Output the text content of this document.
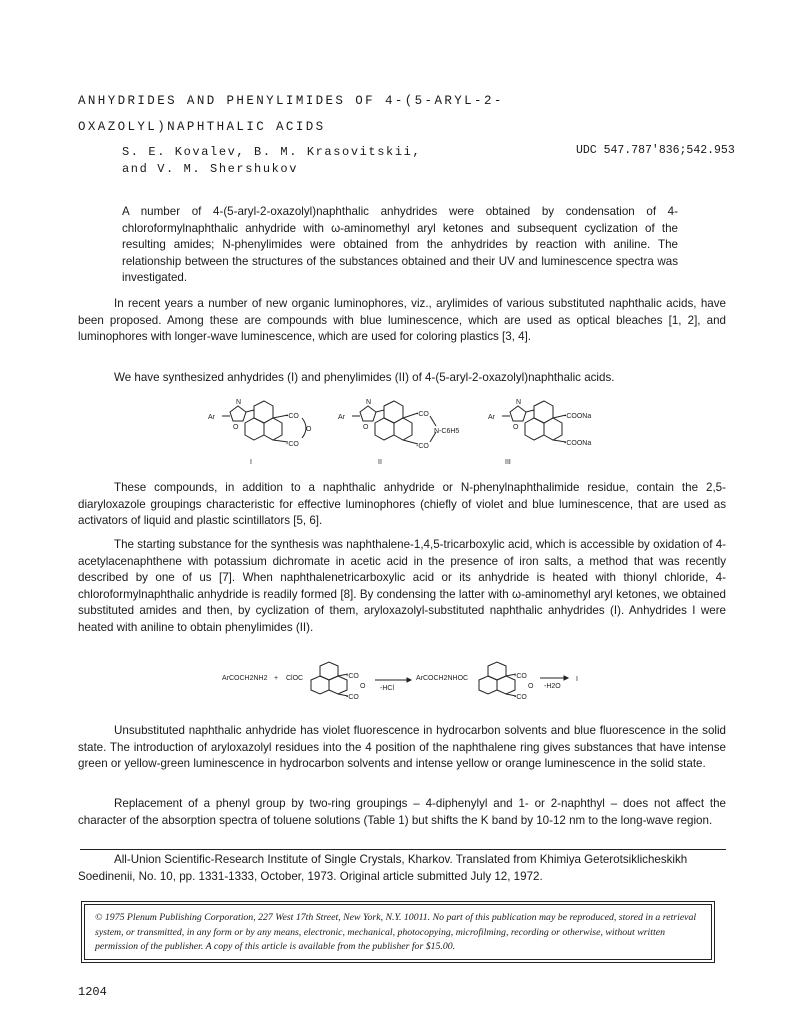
ANHYDRIDES AND PHENYLIMIDES OF 4-(5-ARYL-2-
OXAZOLYL)NAPHTHALIC ACIDS
S. E. Kovalev, B. M. Krasovitskii,
and V. M. Shershukov
UDC 547.787'836;542.953
A number of 4-(5-aryl-2-oxazolyl)naphthalic anhydrides were obtained by condensation of 4-chloroformylnaphthalic anhydride with ω-aminomethyl aryl ketones and subsequent cyclization of the resulting amides; N-phenylimides were obtained from the anhydrides by reaction with aniline. The relationship between the structures of the substances obtained and their UV and luminescence spectra was investigated.
In recent years a number of new organic luminophores, viz., arylimides of various substituted naphthalic acids, have been proposed. Among these are compounds with blue luminescence, which are used as optical bleaches [1, 2], and luminophores with longer-wave luminescence, which are used for coloring plastics [3, 4].
We have synthesized anhydrides (I) and phenylimides (II) of 4-(5-aryl-2-oxazolyl)naphthalic acids.
Ar
N
O
-CO
O
-CO
I
Ar
N
O
-CO
N-C6H5
-CO
II
Ar
N
O
-COONa
-COONa
III
These compounds, in addition to a naphthalic anhydride or N-phenylnaphthalimide residue, contain the 2,5-diaryloxazole groupings characteristic for effective luminophores (chiefly of violet and blue luminescence, that are used as activators of liquid and plastic scintillators [5, 6].
The starting substance for the synthesis was naphthalene-1,4,5-tricarboxylic acid, which is accessible by oxidation of 4-acetylacenaphthene with potassium dichromate in acetic acid in the presence of iron salts, a method that was recently described by one of us [7]. When naphthalenetricarboxylic acid or its anhydride is heated with thionyl chloride, 4-chloroformylnaphthalic anhydride is readily formed [8]. By condensing the latter with ω-aminomethyl aryl ketones, we obtained substituted amides and then, by cyclization of them, aryloxazolyl-substituted naphthalic anhydrides (I). Anhydrides I were heated with aniline to obtain phenylimides (II).
ArCOCH2NH2 + ClOC	-CO
O
-CO
-HCl
ArCOCH2NHOC	-CO
O
-CO
-H2O
I
Unsubstituted naphthalic anhydride has violet fluorescence in hydrocarbon solvents and blue fluorescence in the solid state. The introduction of aryloxazolyl residues into the 4 position of the naphthalene ring gives substances that have intense green or yellow-green luminescence in hydrocarbon solvents and intense yellow or orange luminescence in the solid state.
Replacement of a phenyl group by two-ring groupings – 4-diphenylyl and 1- or 2-naphthyl – does not affect the character of the absorption spectra of toluene solutions (Table 1) but shifts the K band by 10-12 nm to the long-wave region.
All-Union Scientific-Research Institute of Single Crystals, Kharkov. Translated from Khimiya Geterotsiklicheskikh Soedinenii, No. 10, pp. 1331-1333, October, 1973. Original article submitted July 12, 1972.
© 1975 Plenum Publishing Corporation, 227 West 17th Street, New York, N.Y. 10011. No part of this publication may be reproduced, stored in a retrieval system, or transmitted, in any form or by any means, electronic, mechanical, photocopying, microfilming, recording or otherwise, without written permission of the publisher. A copy of this article is available from the publisher for $15.00.
1204
